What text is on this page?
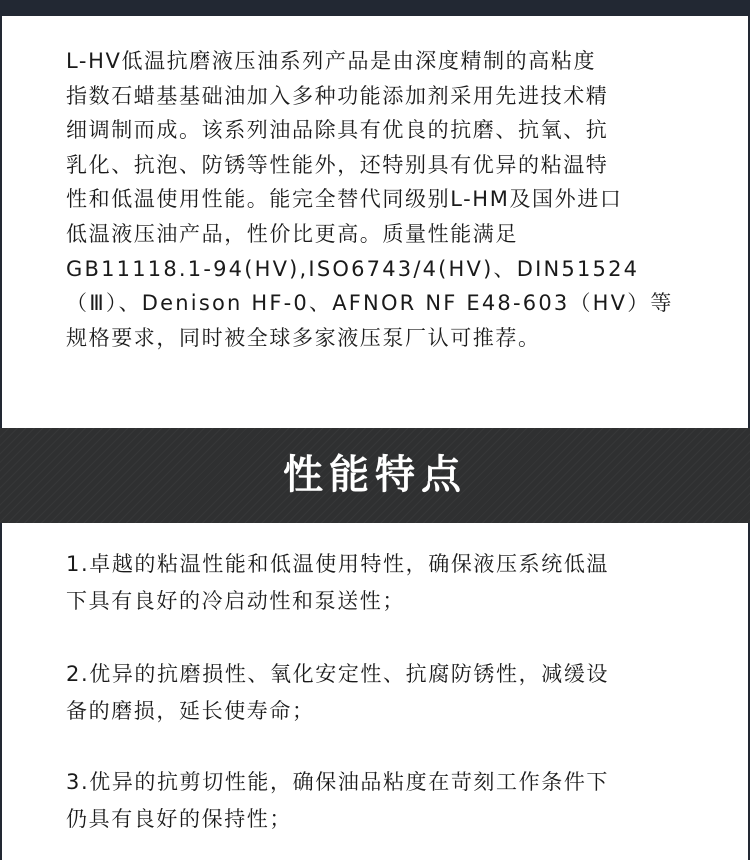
L-HV低温抗磨液压油系列产品是由深度精制的高粘度
指数石蜡基基础油加入多种功能添加剂采用先进技术精
细调制而成。该系列油品除具有优良的抗磨、抗氧、抗
乳化、抗泡、防锈等性能外，还特别具有优异的粘温特
性和低温使用性能。能完全替代同级别L-HM及国外进口
低温液压油产品，性价比更高。质量性能满足
GB11118.1-94(HV),ISO6743/4(HV)、DIN51524
（Ⅲ）、Denison HF-0、AFNOR NF E48-603（HV）等
规格要求，同时被全球多家液压泵厂认可推荐。
性能特点
1.卓越的粘温性能和低温使用特性，确保液压系统低温
下具有良好的冷启动性和泵送性；
2.优异的抗磨损性、氧化安定性、抗腐防锈性，减缓设
备的磨损，延长使寿命；
3.优异的抗剪切性能，确保油品粘度在苛刻工作条件下
仍具有良好的保持性；
